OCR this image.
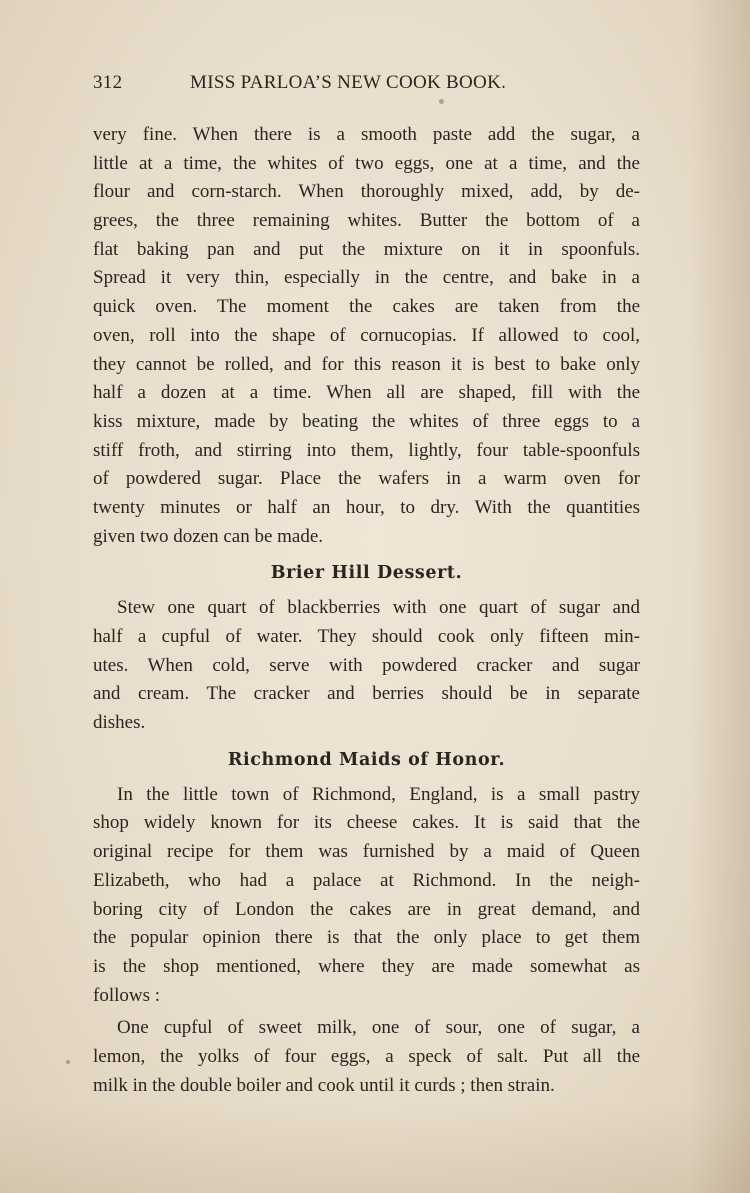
312	MISS PARLOA’S NEW COOK BOOK.
very fine. When there is a smooth paste add the sugar, a
little at a time, the whites of two eggs, one at a time, and the
flour and corn-starch. When thoroughly mixed, add, by de-
grees, the three remaining whites. Butter the bottom of a
flat baking pan and put the mixture on it in spoonfuls.
Spread it very thin, especially in the centre, and bake in a
quick oven. The moment the cakes are taken from the
oven, roll into the shape of cornucopias. If allowed to cool,
they cannot be rolled, and for this reason it is best to bake only
half a dozen at a time. When all are shaped, fill with the
kiss mixture, made by beating the whites of three eggs to a
stiff froth, and stirring into them, lightly, four table-spoonfuls
of powdered sugar. Place the wafers in a warm oven for
twenty minutes or half an hour, to dry. With the quantities
given two dozen can be made.
Brier Hill Dessert.
Stew one quart of blackberries with one quart of sugar and
half a cupful of water. They should cook only fifteen min-
utes. When cold, serve with powdered cracker and sugar
and cream. The cracker and berries should be in separate
dishes.
Richmond Maids of Honor.
In the little town of Richmond, England, is a small pastry
shop widely known for its cheese cakes. It is said that the
original recipe for them was furnished by a maid of Queen
Elizabeth, who had a palace at Richmond. In the neigh-
boring city of London the cakes are in great demand, and
the popular opinion there is that the only place to get them
is the shop mentioned, where they are made somewhat as
follows :
One cupful of sweet milk, one of sour, one of sugar, a
lemon, the yolks of four eggs, a speck of salt. Put all the
milk in the double boiler and cook until it curds ; then strain.
